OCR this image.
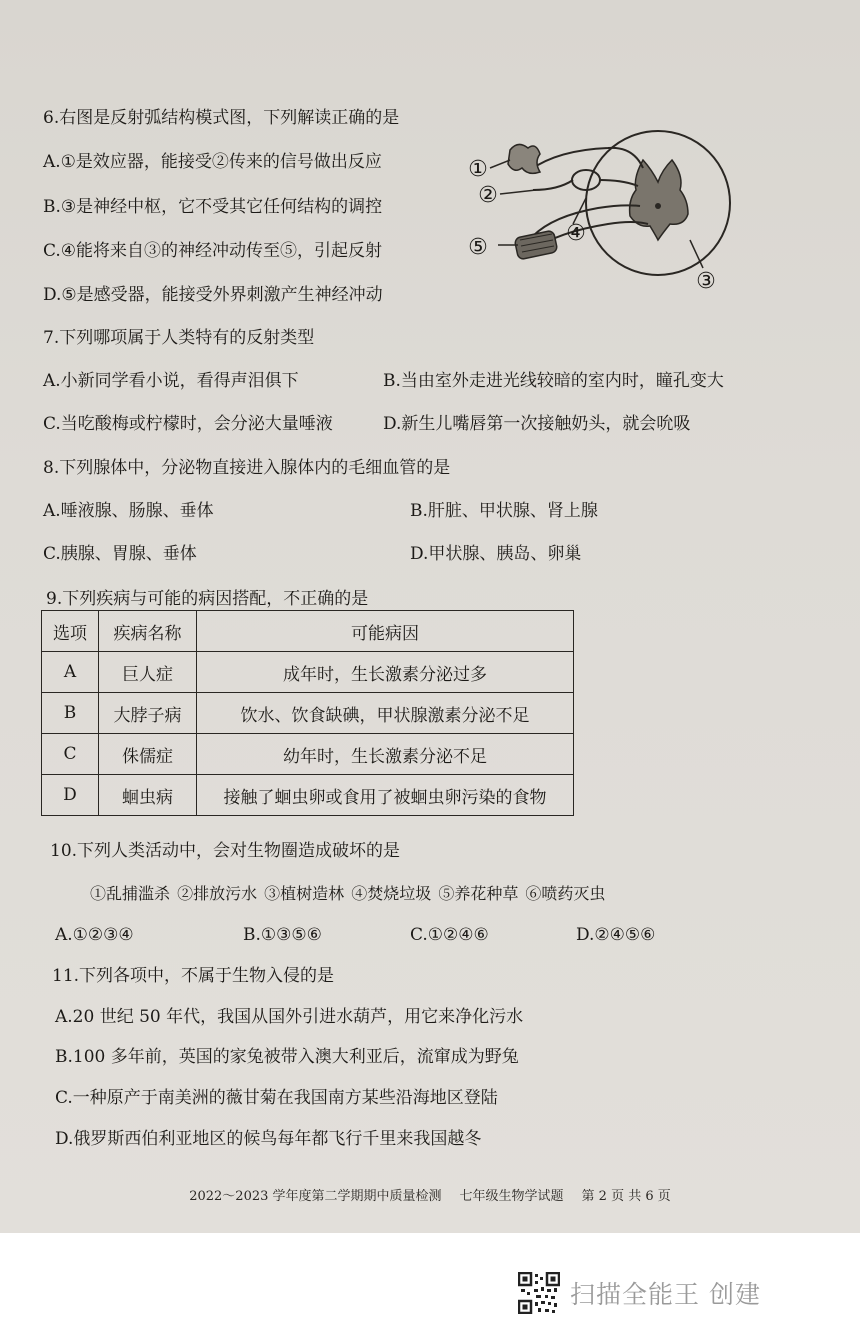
6.右图是反射弧结构模式图，下列解读正确的是
A.①是效应器，能接受②传来的信号做出反应
B.③是神经中枢，它不受其它任何结构的调控
C.④能将来自③的神经冲动传至⑤，引起反射
D.⑤是感受器，能接受外界刺激产生神经冲动
①
②
③
④
⑤
7.下列哪项属于人类特有的反射类型
A.小新同学看小说，看得声泪俱下	B.当由室外走进光线较暗的室内时，瞳孔变大
C.当吃酸梅或柠檬时，会分泌大量唾液	D.新生儿嘴唇第一次接触奶头，就会吮吸
8.下列腺体中，分泌物直接进入腺体内的毛细血管的是
A.唾液腺、肠腺、垂体	B.肝脏、甲状腺、肾上腺
C.胰腺、胃腺、垂体	D.甲状腺、胰岛、卵巢
9.下列疾病与可能的病因搭配，不正确的是
选项	疾病名称	可能病因
A	巨人症	成年时，生长激素分泌过多
B	大脖子病	饮水、饮食缺碘，甲状腺激素分泌不足
C	侏儒症	幼年时，生长激素分泌不足
D	蛔虫病	接触了蛔虫卵或食用了被蛔虫卵污染的食物
10.下列人类活动中，会对生物圈造成破坏的是
①乱捕滥杀 ②排放污水 ③植树造林 ④焚烧垃圾 ⑤养花种草 ⑥喷药灭虫
A.①②③④	B.①③⑤⑥	C.①②④⑥	D.②④⑤⑥
11.下列各项中，不属于生物入侵的是
A.20 世纪 50 年代，我国从国外引进水葫芦，用它来净化污水
B.100 多年前，英国的家兔被带入澳大利亚后，流窜成为野兔
C.一种原产于南美洲的薇甘菊在我国南方某些沿海地区登陆
D.俄罗斯西伯利亚地区的候鸟每年都飞行千里来我国越冬
2022～2023 学年度第二学期期中质量检测 七年级生物学试题 第 2 页 共 6 页
扫描全能王 创建
